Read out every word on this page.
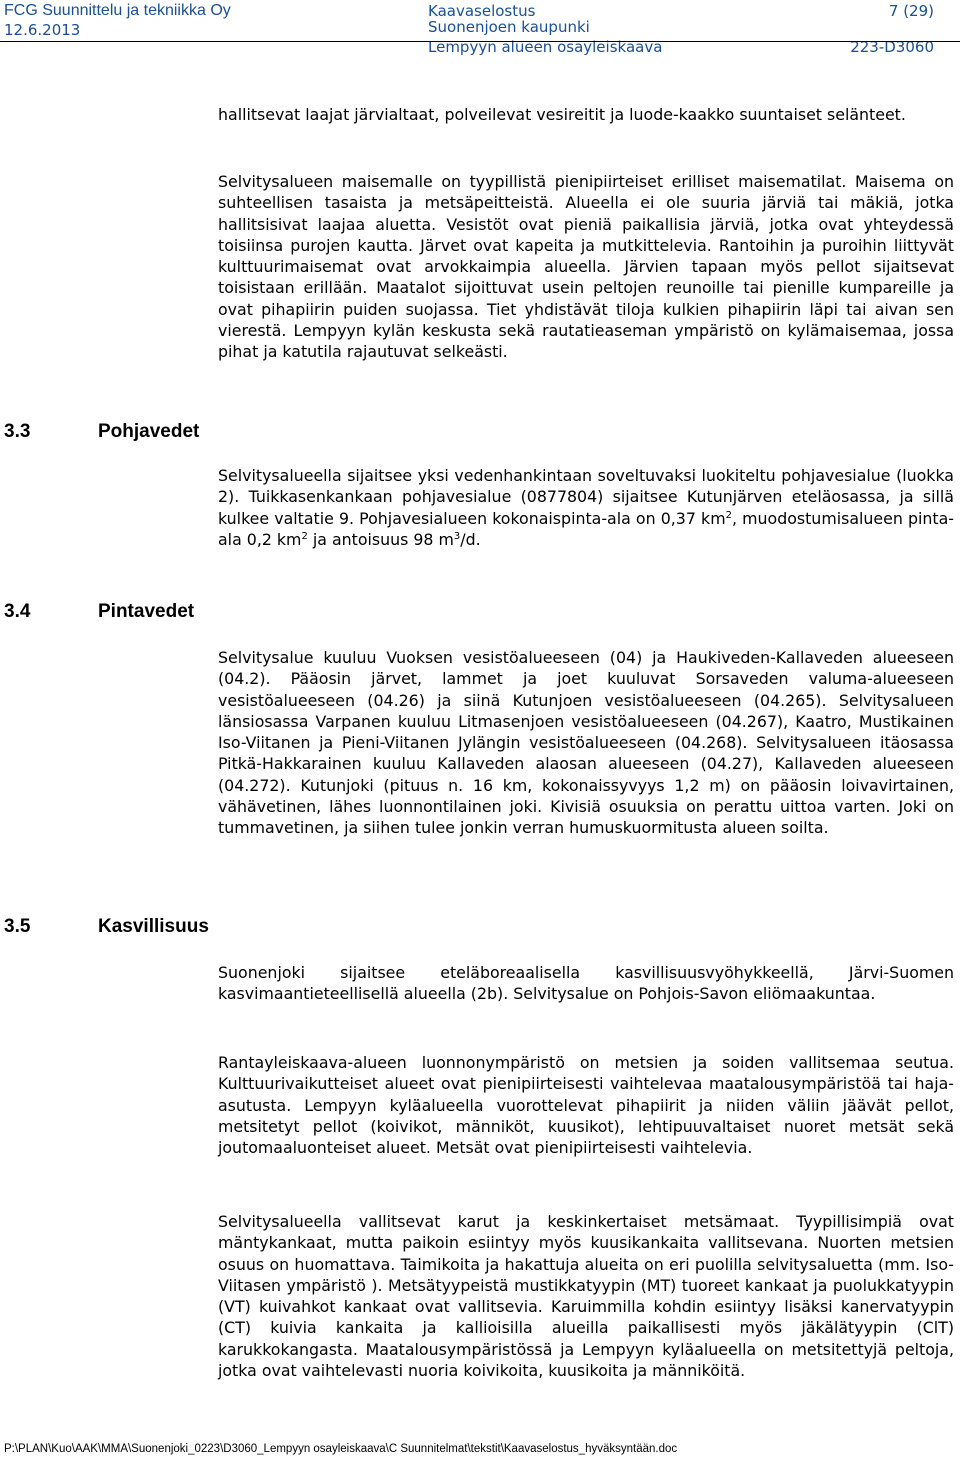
FCG Suunnittelu ja tekniikka Oy
12.6.2013
Kaavaselostus
Suonenjoen kaupunki
Lempyyn alueen osayleiskaava
7 (29)
223-D3060

hallitsevat laajat järvialtaat, polveilevat vesireitit ja luode-kaakko suuntaiset selänteet.

Selvitysalueen maisemalle on tyypillistä pienipiirteiset erilliset maisematilat. Maisema on suhteellisen tasaista ja metsäpeitteistä. Alueella ei ole suuria järviä tai mäkiä, jotka hallitsisivat laajaa aluetta. Vesistöt ovat pieniä paikallisia järviä, jotka ovat yhteydessä toisiinsa purojen kautta. Järvet ovat kapeita ja mutkittelevia. Rantoihin ja puroihin liittyvät kulttuurimaisemat ovat arvokkaimpia alueella. Järvien tapaan myös pellot sijaitsevat toisistaan erillään. Maatalot sijoittuvat usein peltojen reunoille tai pienille kumpareille ja ovat pihapiirin puiden suojassa. Tiet yhdistävät tiloja kulkien pihapiirin läpi tai aivan sen vierestä. Lempyyn kylän keskusta sekä rautatieaseman ympäristö on kylämaisemaa, jossa pihat ja katutila rajautuvat selkeästi.

3.3	Pohjavedet

Selvitysalueella sijaitsee yksi vedenhankintaan soveltuvaksi luokiteltu pohjavesialue (luokka 2). Tuikkasenkankaan pohjavesialue (0877804) sijaitsee Kutunjärven eteläosassa, ja sillä kulkee valtatie 9. Pohjavesialueen kokonaispinta-ala on 0,37 $km^2$, muodostumisalueen pinta-ala 0,2 $km^2$ ja antoisuus 98 $m^3/d$.

3.4	Pintavedet

Selvitysalue kuuluu Vuoksen vesistöalueeseen (04) ja Haukiveden-Kallaveden alueeseen (04.2). Pääosin järvet, lammet ja joet kuuluvat Sorsaveden valuma-alueeseen vesistöalueeseen (04.26) ja siinä Kutunjoen vesistöalueeseen (04.265). Selvitysalueen länsiosassa Varpanen kuuluu Litmasenjoen vesistöalueeseen (04.267), Kaatro, Mustikainen Iso-Viitanen ja Pieni-Viitanen Jylängin vesistöalueeseen (04.268). Selvitysalueen itäosassa Pitkä-Hakkarainen kuuluu Kallaveden alaosan alueeseen (04.27), Kallaveden alueeseen (04.272). Kutunjoki (pituus n. 16 km, kokonaissyvyys 1,2 m) on pääosin loivavirtainen, vähävetinen, lähes luonnontilainen joki. Kivisiä osuuksia on perattu uittoa varten. Joki on tummavetinen, ja siihen tulee jonkin verran humuskuormitusta alueen soilta.

3.5	Kasvillisuus

Suonenjoki sijaitsee eteläboreaalisella kasvillisuusvyöhykkeellä, Järvi-Suomen kasvimaantieteellisellä alueella (2b). Selvitysalue on Pohjois-Savon eliömaakuntaa.

Rantayleiskaava-alueen luonnonympäristö on metsien ja soiden vallitsemaa seutua. Kulttuurivaikutteiset alueet ovat pienipiirteisesti vaihtelevaa maatalousympäristöä tai haja-asutusta. Lempyyn kyläalueella vuorottelevat pihapiirit ja niiden väliin jäävät pellot, metsitetyt pellot (koivikot, männiköt, kuusikot), lehtipuuvaltaiset nuoret metsät sekä joutomaaluonteiset alueet. Metsät ovat pienipiirteisesti vaihtelevia.

Selvitysalueella vallitsevat karut ja keskinkertaiset metsämaat. Tyypillisimpiä ovat mäntykankaat, mutta paikoin esiintyy myös kuusikankaita vallitsevana. Nuorten metsien osuus on huomattava. Taimikoita ja hakattuja alueita on eri puolilla selvitysaluetta (mm. Iso-Viitasen ympäristö ). Metsätyypeistä mustikkatyypin (MT) tuoreet kankaat ja puolukkatyypin (VT) kuivahkot kankaat ovat vallitsevia. Karuimmilla kohdin esiintyy lisäksi kanervatyypin (CT) kuivia kankaita ja kallioisilla alueilla paikallisesti myös jäkälätyypin (ClT) karukkokangasta. Maatalousympäristössä ja Lempyyn kyläalueella on metsitettyjä peltoja, jotka ovat vaihtelevasti nuoria koivikoita, kuusikoita ja männiköitä.

P:\PLAN\Kuo\AAK\MMA\Suonenjoki_0223\D3060_Lempyyn osayleiskaava\C Suunnitelmat\tekstit\Kaavaselostus_hyväksyntään.doc
